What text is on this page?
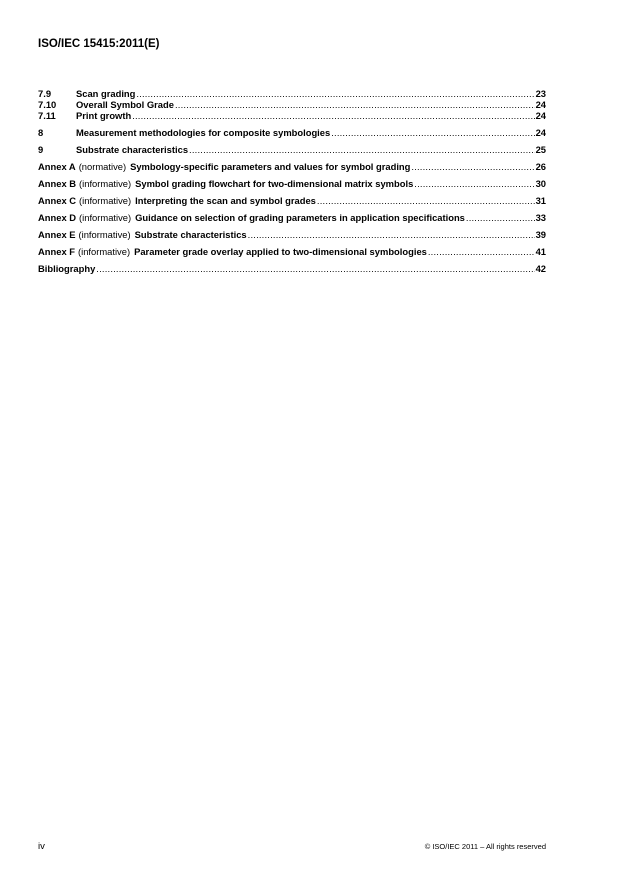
ISO/IEC 15415:2011(E)
7.9	Scan grading .....	23
7.10	Overall Symbol Grade .....	24
7.11	Print growth .....	24
8	Measurement methodologies for composite symbologies .....	24
9	Substrate characteristics .....	25
Annex A (normative) Symbology-specific parameters and values for symbol grading .....	26
Annex B (informative) Symbol grading flowchart for two-dimensional matrix symbols .....	30
Annex C (informative) Interpreting the scan and symbol grades .....	31
Annex D (informative) Guidance on selection of grading parameters in application specifications .....	33
Annex E (informative) Substrate characteristics .....	39
Annex F (informative) Parameter grade overlay applied to two-dimensional symbologies .....	41
Bibliography .....	42
iv	© ISO/IEC 2011 – All rights reserved
